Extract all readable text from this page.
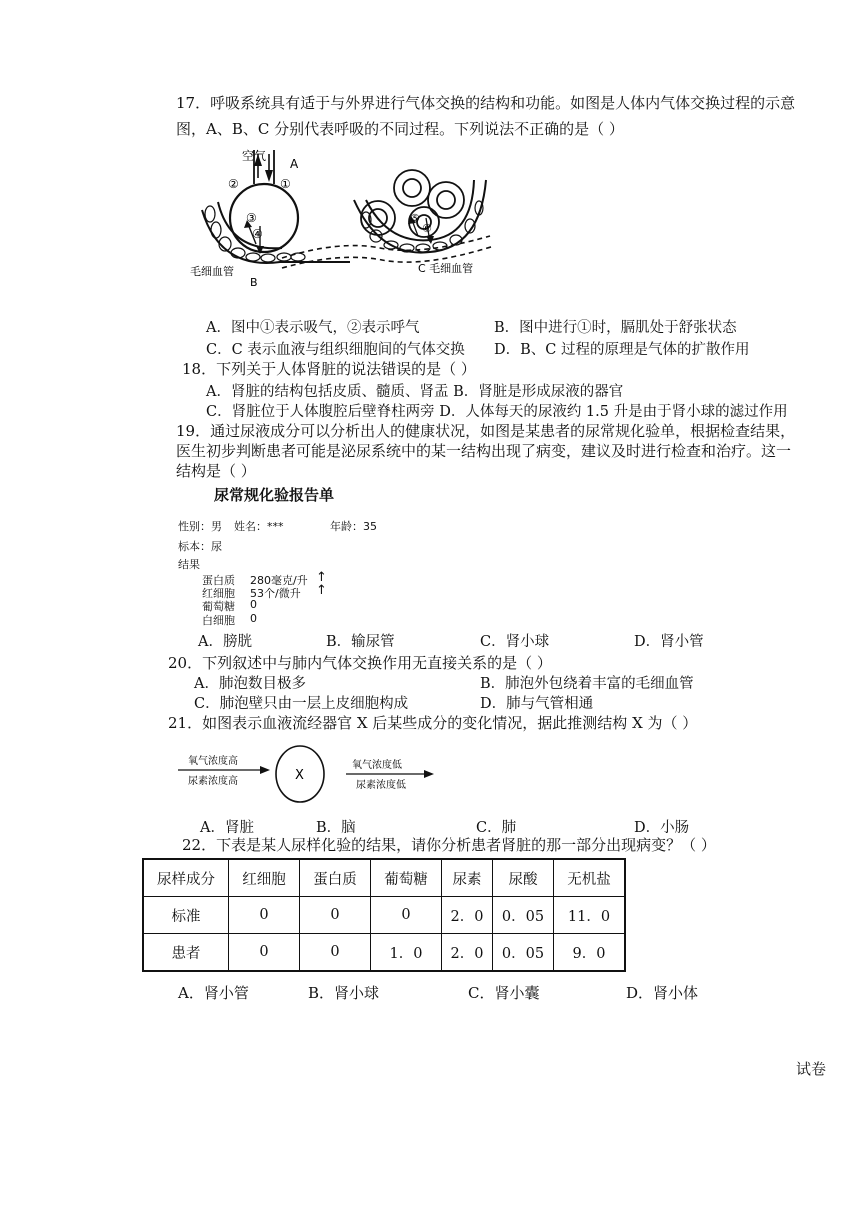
17．呼吸系统具有适于与外界进行气体交换的结构和功能。如图是人体内气体交换过程的示意
图，A、B、C 分别代表呼吸的不同过程。下列说法不正确的是（ ）
空气
A
②	①
③
④
⑤
⑥
毛细血管
B
C 毛细血管
A．图中①表示吸气，②表示呼气	B．图中进行①时，膈肌处于舒张状态
C．C 表示血液与组织细胞间的气体交换 D．B、C 过程的原理是气体的扩散作用
18．下列关于人体肾脏的说法错误的是（ ）
A．肾脏的结构包括皮质、髓质、肾盂 B．肾脏是形成尿液的器官
C．肾脏位于人体腹腔后壁脊柱两旁 D．人体每天的尿液约 1.5 升是由于肾小球的滤过作用
19．通过尿液成分可以分析出人的健康状况，如图是某患者的尿常规化验单，根据检查结果，
医生初步判断患者可能是泌尿系统中的某一结构出现了病变，建议及时进行检查和治疗。这一
结构是（ ）
尿常规化验报告单
性别：男 姓名：***	年龄：35
标本：尿
结果
蛋白质 280毫克/升 ↑
红细胞 53个/微升 ↑
葡萄糖 0
白细胞 0
A．膀胱	B．输尿管	C．肾小球	D．肾小管
20．下列叙述中与肺内气体交换作用无直接关系的是（ ）
A．肺泡数目极多	B．肺泡外包绕着丰富的毛细血管
C．肺泡壁只由一层上皮细胞构成	D．肺与气管相通
21．如图表示血液流经器官 X 后某些成分的变化情况，据此推测结构 X 为（ ）
氧气浓度高
尿素浓度高	X
氧气浓度低
尿素浓度低
A．肾脏	B．脑	C．肺	D．小肠
22．下表是某人尿样化验的结果，请你分析患者肾脏的那一部分出现病变？（ ）
尿样成分	红细胞	蛋白质	葡萄糖	尿素	尿酸	无机盐
标准	0	0	0	2．0	0．05	11．0
患者	0	0	1．0	2．0	0．05	9．0
A．肾小管	B．肾小球	C．肾小囊	D．肾小体
试卷
